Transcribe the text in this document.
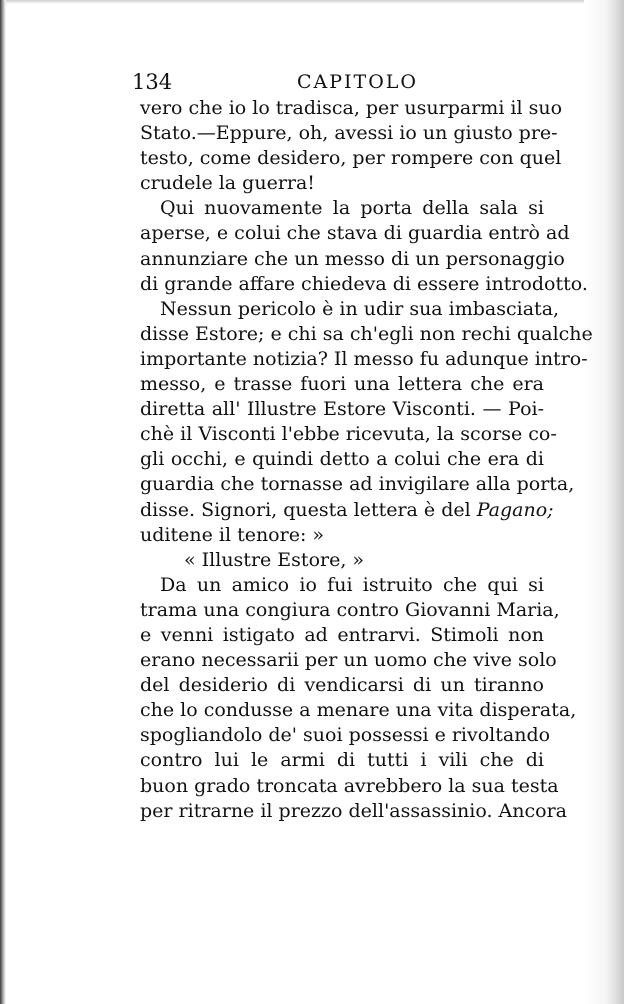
134	CAPITOLO
vero che io lo tradisca, per usurparmi il suo
Stato.—Eppure, oh, avessi io un giusto pre-
testo, come desidero, per rompere con quel
crudele la guerra!
Qui nuovamente la porta della sala si
aperse, e colui che stava di guardia entrò ad
annunziare che un messo di un personaggio
di grande affare chiedeva di essere introdotto.
Nessun pericolo è in udir sua imbasciata,
disse Estore; e chi sa ch'egli non rechi qualche
importante notizia? Il messo fu adunque intro-
messo, e trasse fuori una lettera che era
diretta all' Illustre Estore Visconti. — Poi-
chè il Visconti l'ebbe ricevuta, la scorse co-
gli occhi, e quindi detto a colui che era di
guardia che tornasse ad invigilare alla porta,
disse. Signori, questa lettera è del Pagano;
uditene il tenore: »
« Illustre Estore, »
Da un amico io fui istruito che qui si
trama una congiura contro Giovanni Maria,
e venni istigato ad entrarvi. Stimoli non
erano necessarii per un uomo che vive solo
del desiderio di vendicarsi di un tiranno
che lo condusse a menare una vita disperata,
spogliandolo de' suoi possessi e rivoltando
contro lui le armi di tutti i vili che di
buon grado troncata avrebbero la sua testa
per ritrarne il prezzo dell'assassinio. Ancora
